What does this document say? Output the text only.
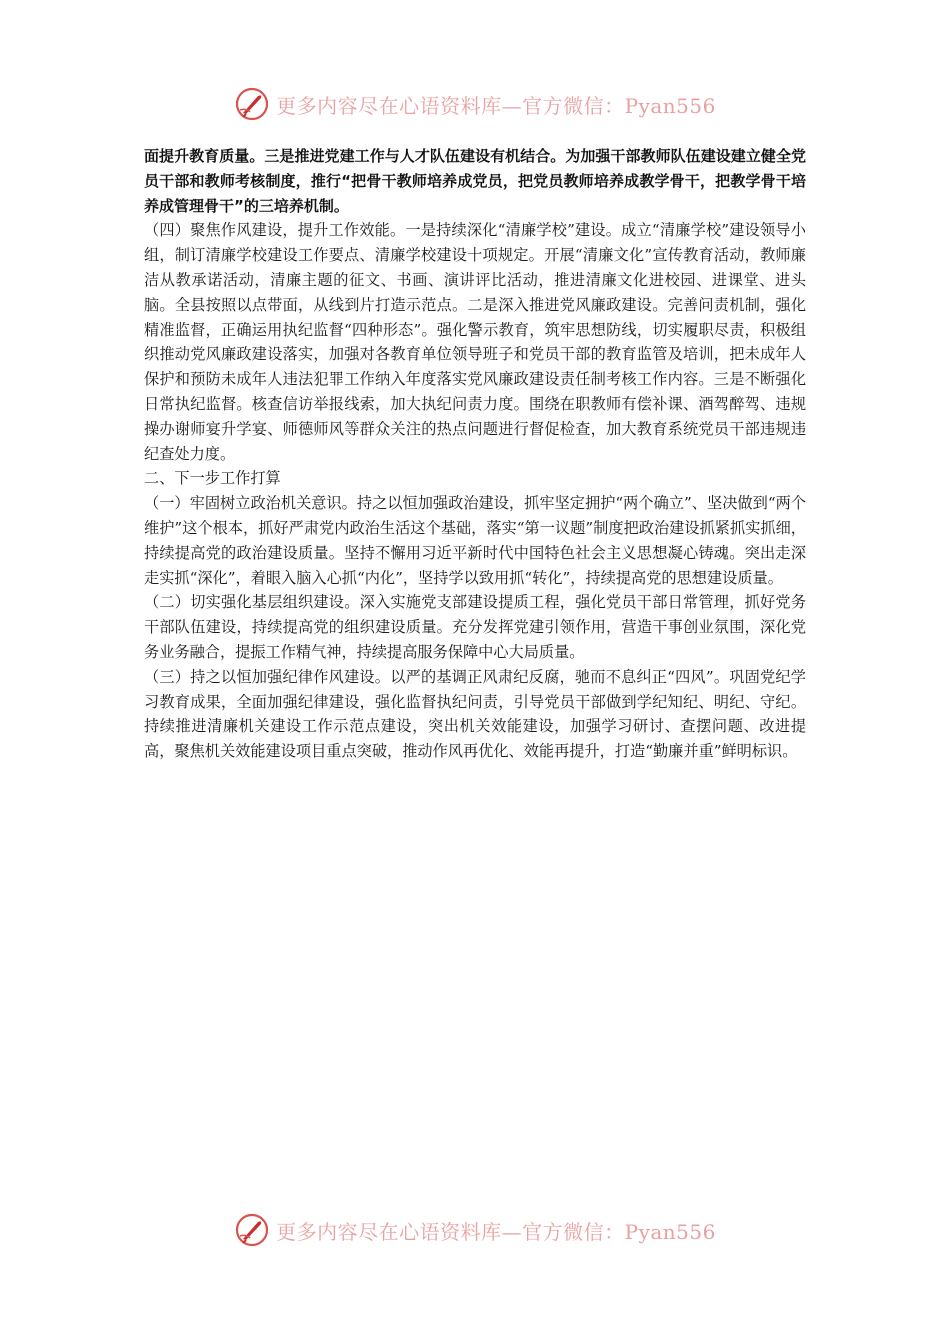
更多内容尽在心语资料库—官方微信：Pyan556

面提升教育质量。三是推进党建工作与人才队伍建设有机结合。为加强干部教师队伍建设建立健全党员干部和教师考核制度，推行“把骨干教师培养成党员，把党员教师培养成教学骨干，把教学骨干培养成管理骨干”的三培养机制。

（四）聚焦作风建设，提升工作效能。一是持续深化“清廉学校”建设。成立“清廉学校”建设领导小组，制订清廉学校建设工作要点、清廉学校建设十项规定。开展“清廉文化”宣传教育活动，教师廉洁从教承诺活动，清廉主题的征文、书画、演讲评比活动，推进清廉文化进校园、进课堂、进头脑。全县按照以点带面，从线到片打造示范点。二是深入推进党风廉政建设。完善问责机制，强化精准监督，正确运用执纪监督“四种形态”。强化警示教育，筑牢思想防线，切实履职尽责，积极组织推动党风廉政建设落实，加强对各教育单位领导班子和党员干部的教育监管及培训，把未成年人保护和预防未成年人违法犯罪工作纳入年度落实党风廉政建设责任制考核工作内容。三是不断强化日常执纪监督。核查信访举报线索，加大执纪问责力度。围绕在职教师有偿补课、酒驾醉驾、违规操办谢师宴升学宴、师德师风等群众关注的热点问题进行督促检查，加大教育系统党员干部违规违纪查处力度。

二、下一步工作打算

（一）牢固树立政治机关意识。持之以恒加强政治建设，抓牢坚定拥护“两个确立”、坚决做到“两个维护”这个根本，抓好严肃党内政治生活这个基础，落实“第一议题”制度把政治建设抓紧抓实抓细，持续提高党的政治建设质量。坚持不懈用习近平新时代中国特色社会主义思想凝心铸魂。突出走深走实抓“深化”，着眼入脑入心抓“内化”，坚持学以致用抓“转化”，持续提高党的思想建设质量。

（二）切实强化基层组织建设。深入实施党支部建设提质工程，强化党员干部日常管理，抓好党务干部队伍建设，持续提高党的组织建设质量。充分发挥党建引领作用，营造干事创业氛围，深化党务业务融合，提振工作精气神，持续提高服务保障中心大局质量。

（三）持之以恒加强纪律作风建设。以严的基调正风肃纪反腐，驰而不息纠正“四风”。巩固党纪学习教育成果，全面加强纪律建设，强化监督执纪问责，引导党员干部做到学纪知纪、明纪、守纪。持续推进清廉机关建设工作示范点建设，突出机关效能建设，加强学习研讨、查摆问题、改进提高，聚焦机关效能建设项目重点突破，推动作风再优化、效能再提升，打造“勤廉并重”鲜明标识。

更多内容尽在心语资料库—官方微信：Pyan556
